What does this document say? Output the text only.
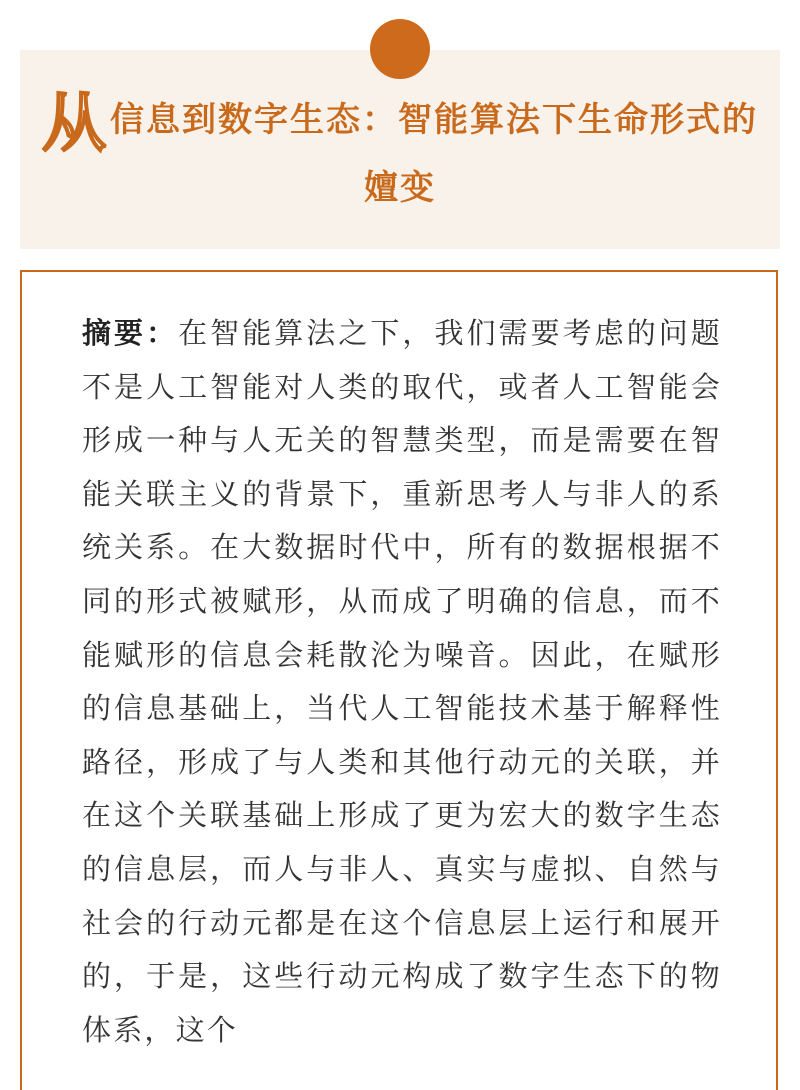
从信息到数字生态：智能算法下生命形式的嬗变

摘要：在智能算法之下，我们需要考虑的问题不是人工智能对人类的取代，或者人工智能会形成一种与人无关的智慧类型，而是需要在智能关联主义的背景下，重新思考人与非人的系统关系。在大数据时代中，所有的数据根据不同的形式被赋形，从而成了明确的信息，而不能赋形的信息会耗散沦为噪音。因此，在赋形的信息基础上，当代人工智能技术基于解释性路径，形成了与人类和其他行动元的关联，并在这个关联基础上形成了更为宏大的数字生态的信息层，而人与非人、真实与虚拟、自然与社会的行动元都是在这个信息层上运行和展开的，于是，这些行动元构成了数字生态下的物体系，这个
